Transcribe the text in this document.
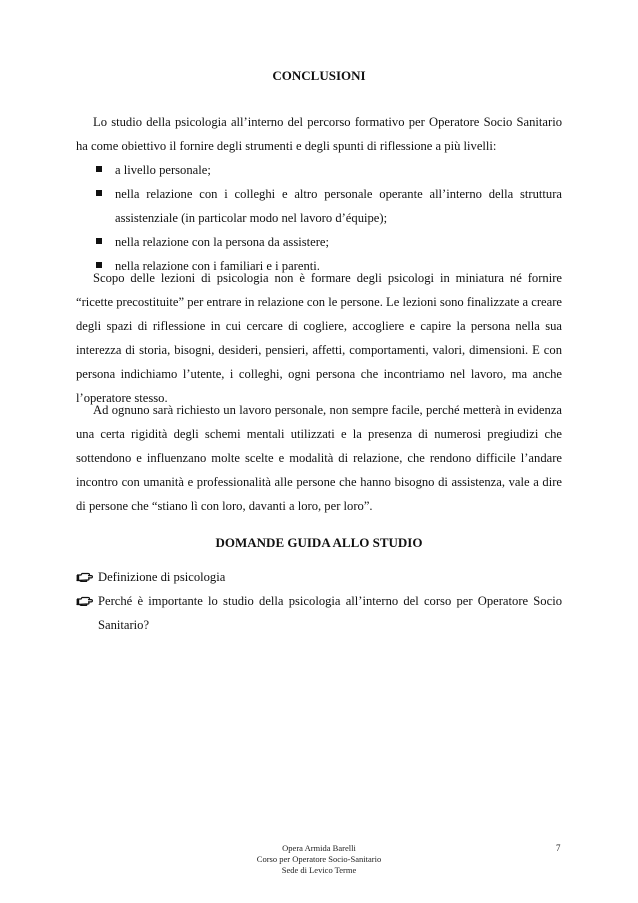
CONCLUSIONI

Lo studio della psicologia all’interno del percorso formativo per Operatore Socio Sanitario ha come obiettivo il fornire degli strumenti e degli spunti di riflessione a più livelli:

a livello personale;
nella relazione con i colleghi e altro personale operante all’interno della struttura assistenziale (in particolar modo nel lavoro d’équipe);
nella relazione con la persona da assistere;
nella relazione con i familiari e i parenti.

Scopo delle lezioni di psicologia non è formare degli psicologi in miniatura né fornire “ricette precostituite” per entrare in relazione con le persone. Le lezioni sono finalizzate a creare degli spazi di riflessione in cui cercare di cogliere, accogliere e capire la persona nella sua interezza di storia, bisogni, desideri, pensieri, affetti, comportamenti, valori, dimensioni. E con persona indichiamo l’utente, i colleghi, ogni persona che incontriamo nel lavoro, ma anche l’operatore stesso.

Ad ognuno sarà richiesto un lavoro personale, non sempre facile, perché metterà in evidenza una certa rigidità degli schemi mentali utilizzati e la presenza di numerosi pregiudizi che sottendono e influenzano molte scelte e modalità di relazione, che rendono difficile l’andare incontro con umanità e professionalità alle persone che hanno bisogno di assistenza, vale a dire di persone che “stiano lì con loro, davanti a loro, per loro”.

DOMANDE GUIDA ALLO STUDIO
Definizione di psicologia
Perché è importante lo studio della psicologia all’interno del corso per Operatore Socio Sanitario?
Opera Armida Barelli
Corso per Operatore Socio-Sanitario
Sede di Levico Terme
7
